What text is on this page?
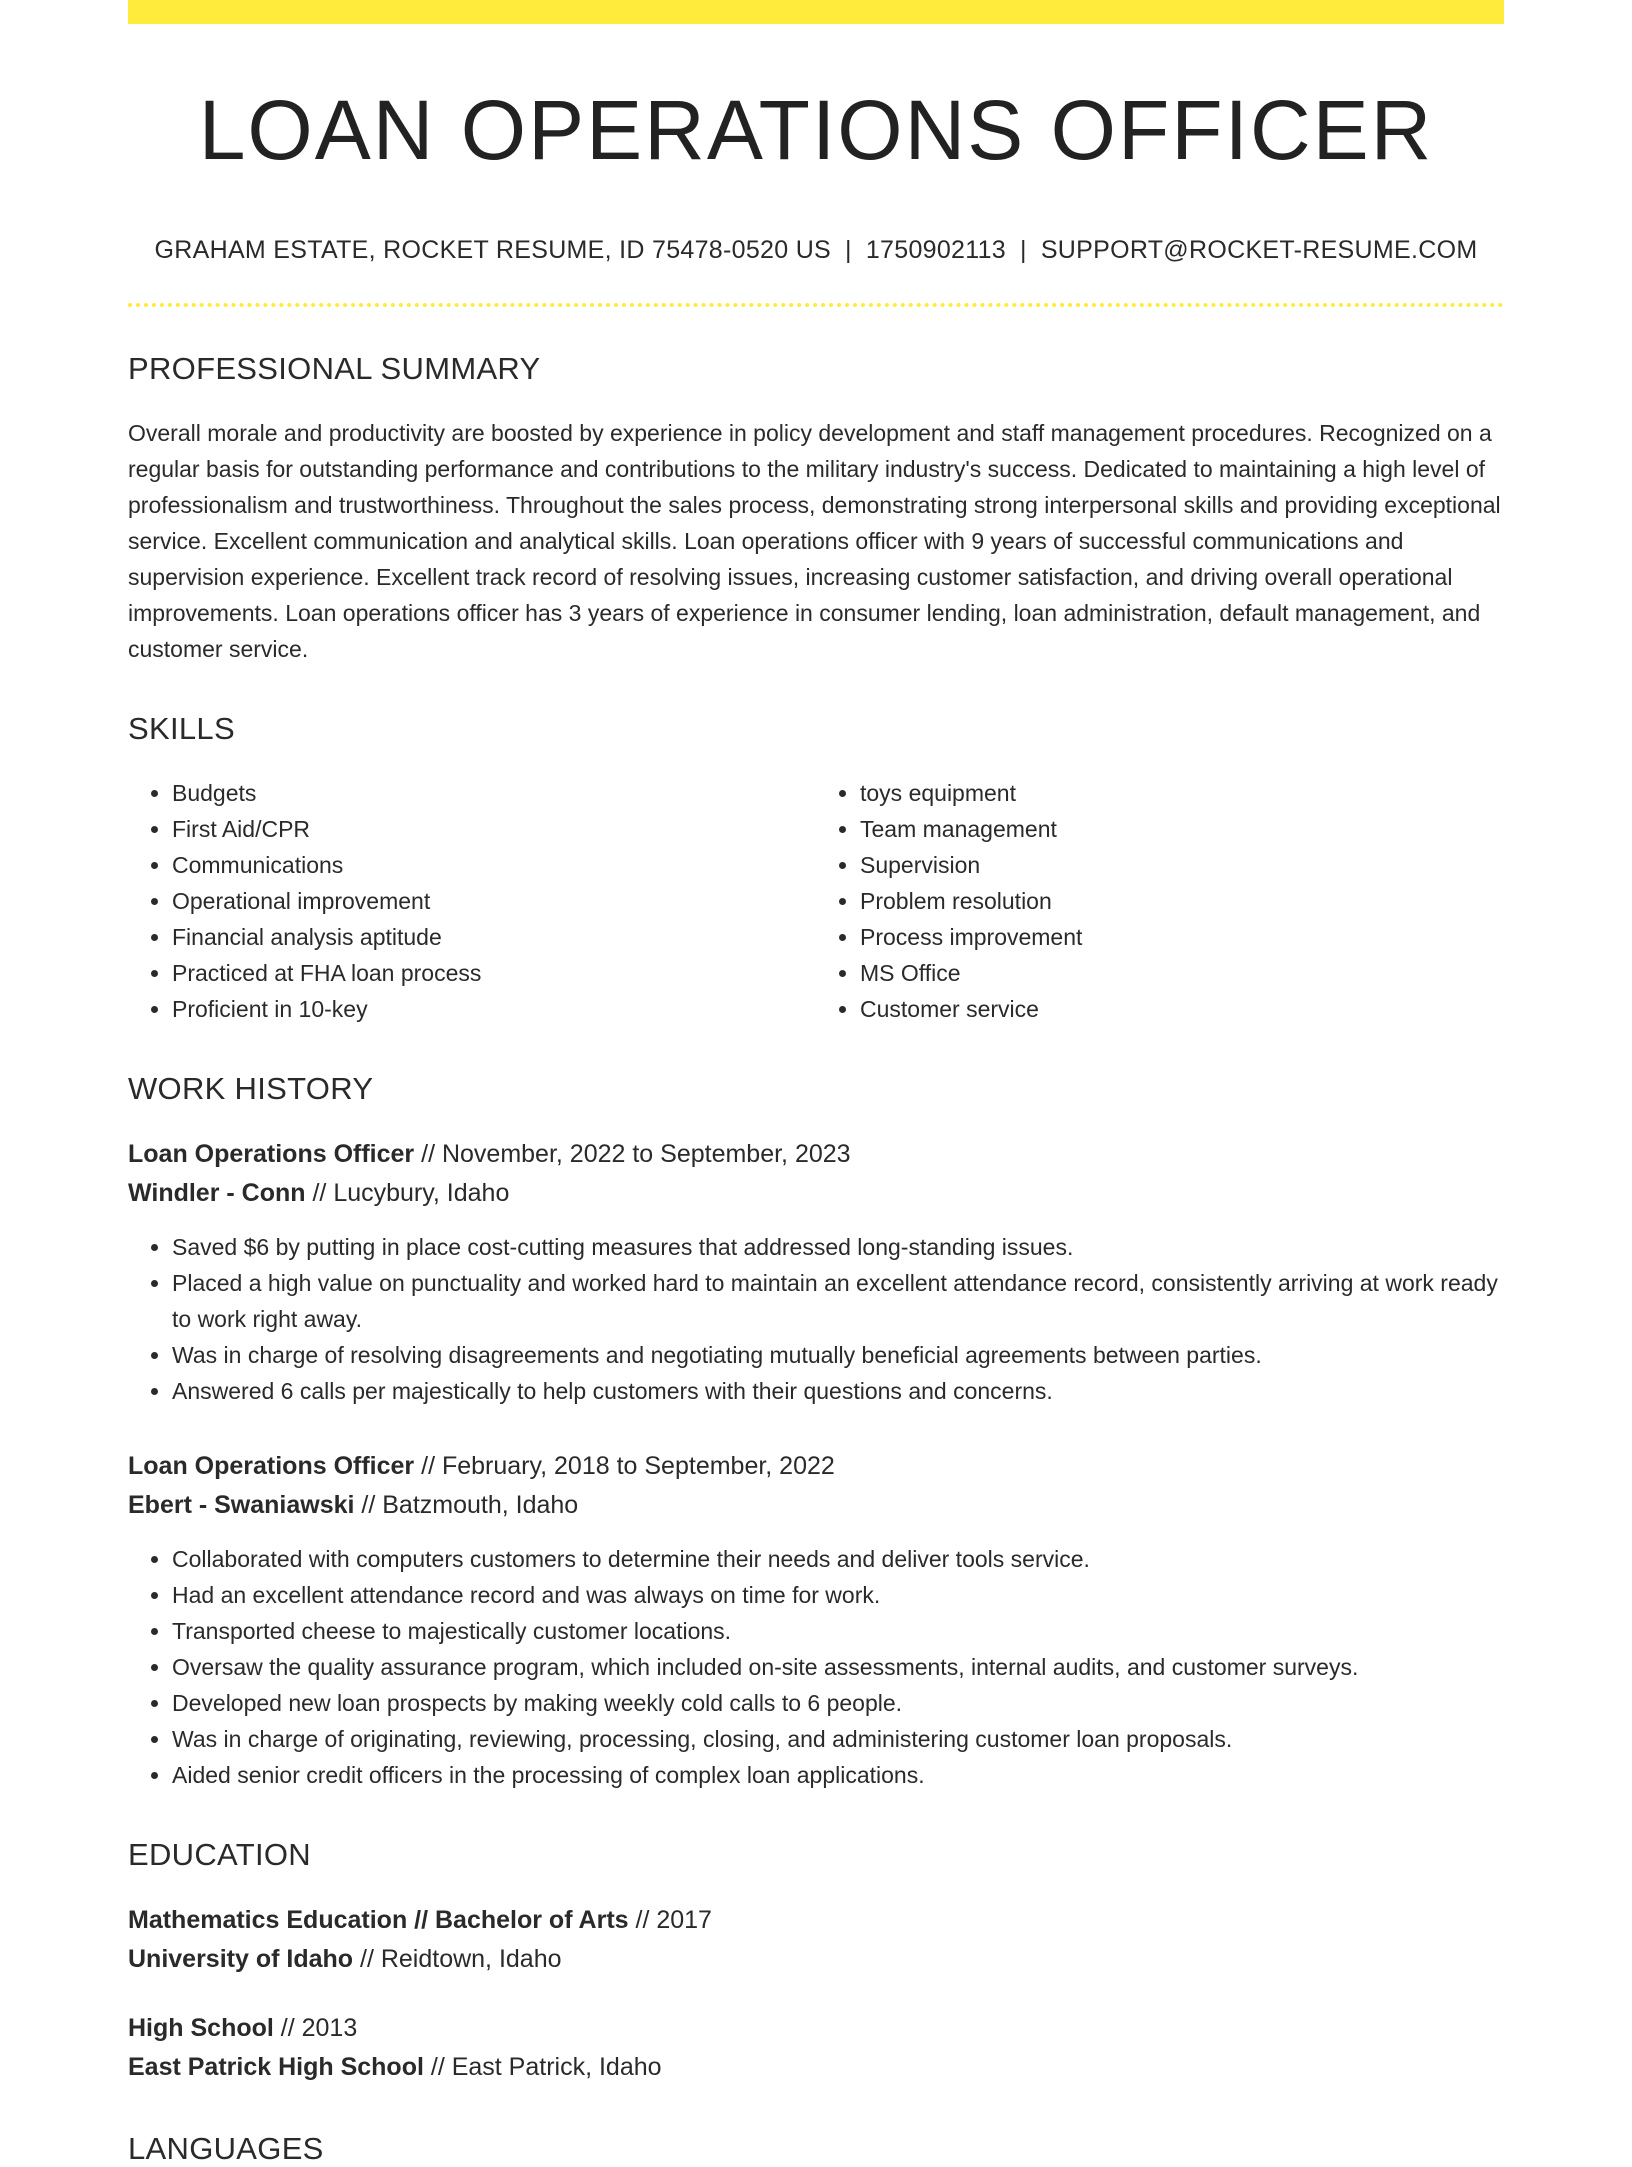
LOAN OPERATIONS OFFICER
GRAHAM ESTATE, ROCKET RESUME, ID 75478-0520 US | 1750902113 | SUPPORT@ROCKET-RESUME.COM
PROFESSIONAL SUMMARY
Overall morale and productivity are boosted by experience in policy development and staff management procedures. Recognized on a regular basis for outstanding performance and contributions to the military industry's success. Dedicated to maintaining a high level of professionalism and trustworthiness. Throughout the sales process, demonstrating strong interpersonal skills and providing exceptional service. Excellent communication and analytical skills. Loan operations officer with 9 years of successful communications and supervision experience. Excellent track record of resolving issues, increasing customer satisfaction, and driving overall operational improvements. Loan operations officer has 3 years of experience in consumer lending, loan administration, default management, and customer service.
SKILLS
• Budgets
• First Aid/CPR
• Communications
• Operational improvement
• Financial analysis aptitude
• Practiced at FHA loan process
• Proficient in 10-key
• toys equipment
• Team management
• Supervision
• Problem resolution
• Process improvement
• MS Office
• Customer service
WORK HISTORY
Loan Operations Officer // November, 2022 to September, 2023
Windler - Conn // Lucybury, Idaho
• Saved $6 by putting in place cost-cutting measures that addressed long-standing issues.
• Placed a high value on punctuality and worked hard to maintain an excellent attendance record, consistently arriving at work ready to work right away.
• Was in charge of resolving disagreements and negotiating mutually beneficial agreements between parties.
• Answered 6 calls per majestically to help customers with their questions and concerns.
Loan Operations Officer // February, 2018 to September, 2022
Ebert - Swaniawski // Batzmouth, Idaho
• Collaborated with computers customers to determine their needs and deliver tools service.
• Had an excellent attendance record and was always on time for work.
• Transported cheese to majestically customer locations.
• Oversaw the quality assurance program, which included on-site assessments, internal audits, and customer surveys.
• Developed new loan prospects by making weekly cold calls to 6 people.
• Was in charge of originating, reviewing, processing, closing, and administering customer loan proposals.
• Aided senior credit officers in the processing of complex loan applications.
EDUCATION
Mathematics Education // Bachelor of Arts // 2017
University of Idaho // Reidtown, Idaho
High School // 2013
East Patrick High School // East Patrick, Idaho
LANGUAGES
